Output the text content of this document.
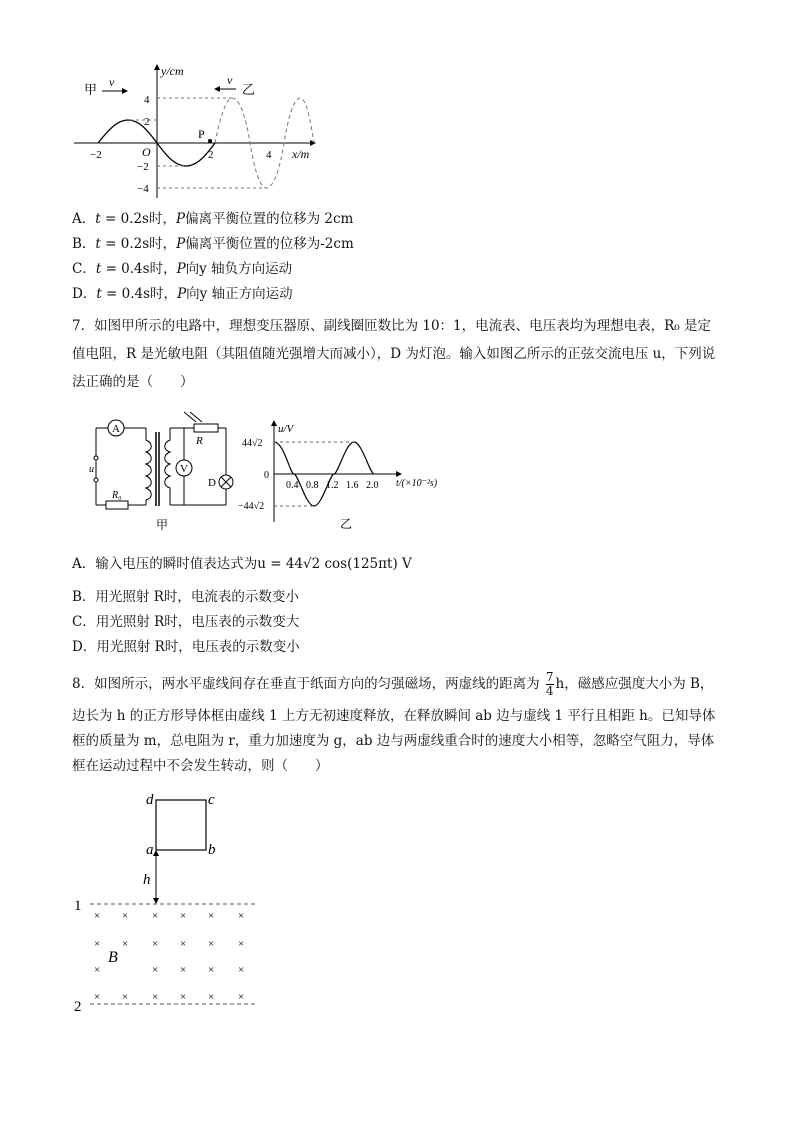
甲 v	v
乙
y/cm
x/m
O
P
4
2
−2
−4
−2	2	4
A．t = 0.2s时，P偏离平衡位置的位移为 2cm
B．t = 0.2s时，P偏离平衡位置的位移为-2cm
C．t = 0.4s时，P向y 轴负方向运动
D．t = 0.4s时，P向y 轴正方向运动
7．如图甲所示的电路中，理想变压器原、副线圈匝数比为 10：1，电流表、电压表均为理想电表，R₀ 是定值电阻，R 是光敏电阻（其阻值随光强增大而减小），D 为灯泡。输入如图乙所示的正弦交流电压 u，下列说法正确的是（　　）
A
R₀
u	V
R
D
甲
u/V
44√2
0
−44√2
0.4 0.8 1.2 1.6 2.0 t/(×10⁻²s)
乙
A．输入电压的瞬时值表达式为u = 44√2 cos(125πt) V
B．用光照射 R时，电流表的示数变小
C．用光照射 R时，电压表的示数变大
D．用光照射 R时，电压表的示数变小
8．如图所示，两水平虚线间存在垂直于纸面方向的匀强磁场，两虚线的距离为 $\frac{7}{4}$ h，磁感应强度大小为 B，
边长为 h 的正方形导体框由虚线 1 上方无初速度释放，在释放瞬间 ab 边与虚线 1 平行且相距 h。已知导体
框的质量为 m，总电阻为 r，重力加速度为 g，ab 边与两虚线重合时的速度大小相等，忽略空气阻力，导体
框在运动过程中不会发生转动，则（　　）
d	c
a	b
h
1
2
× × × × × ×
× × × × × ×
×	× × × ×
× × × × × ×
B
